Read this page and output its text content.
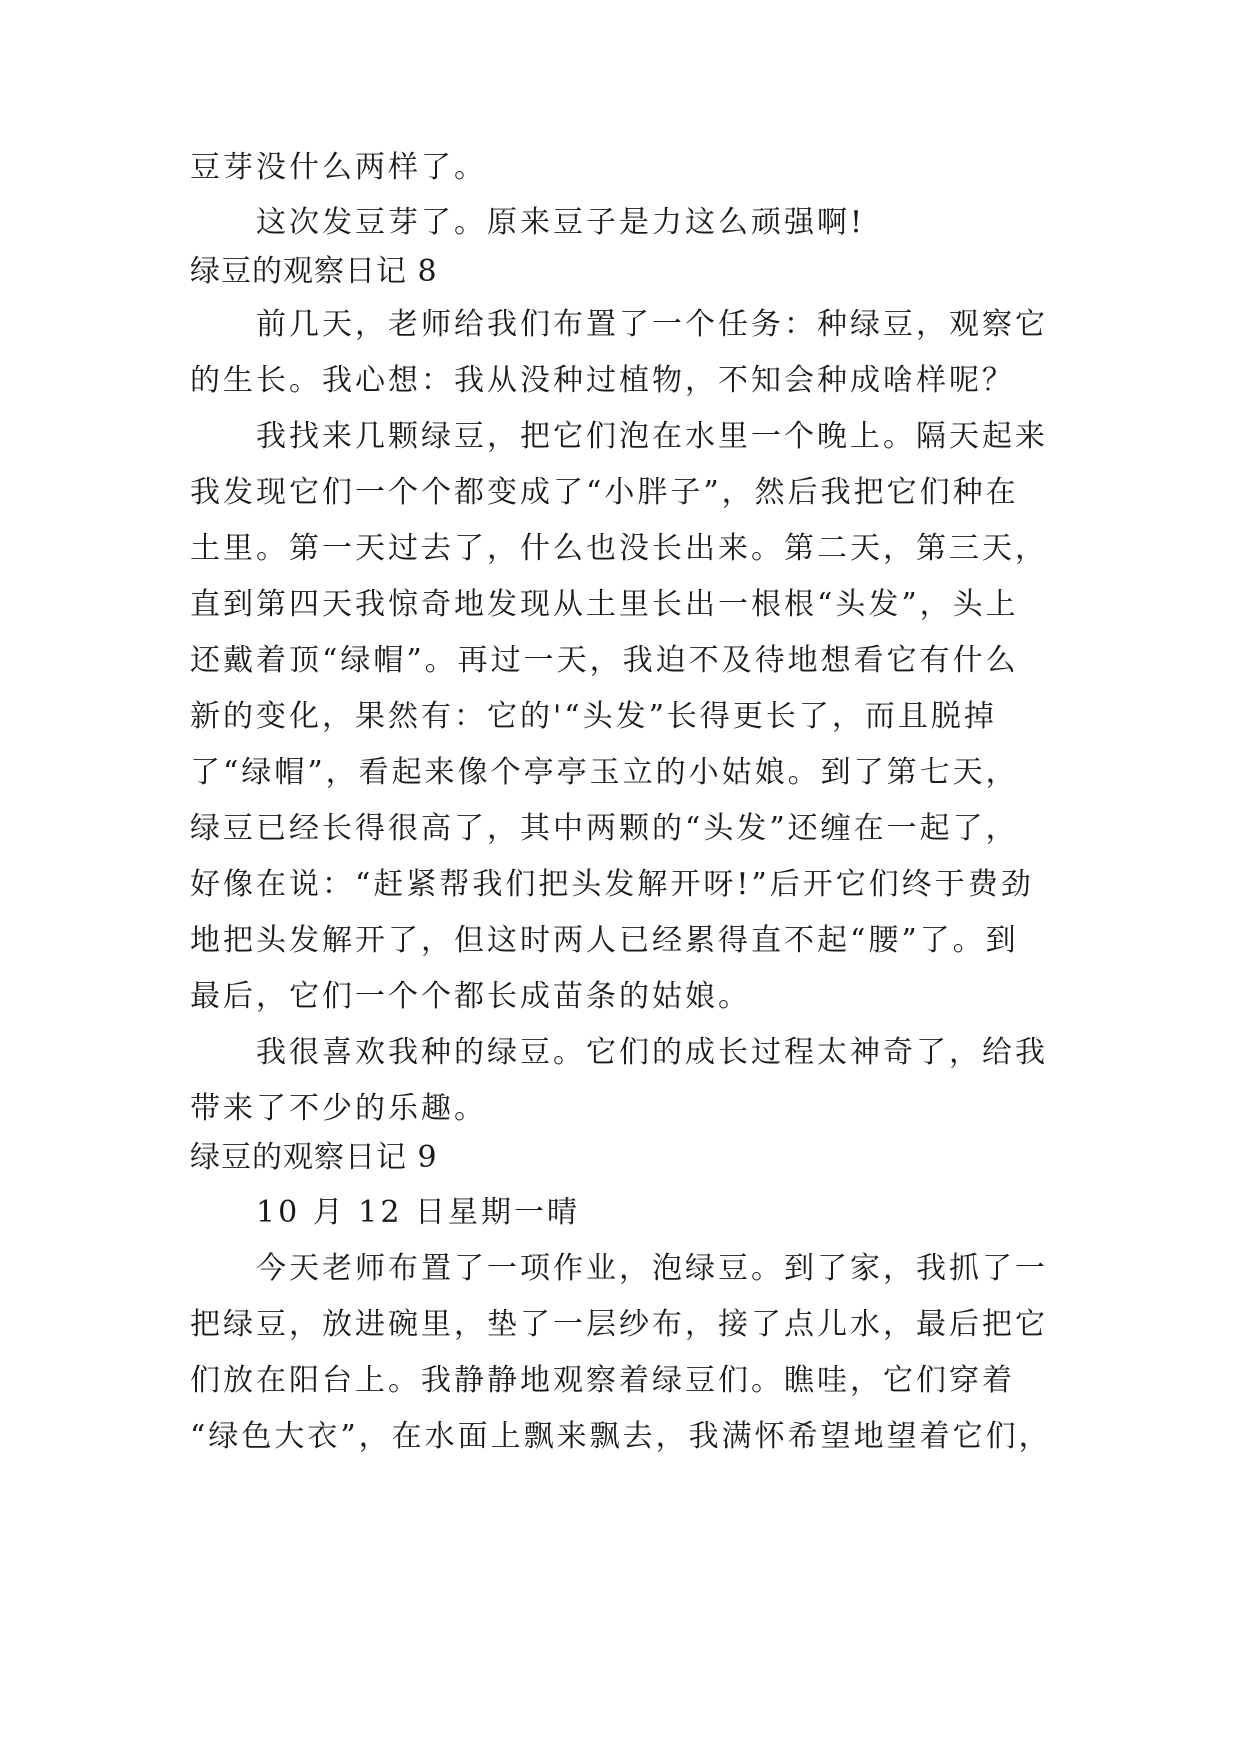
豆芽没什么两样了。
这次发豆芽了。原来豆子是力这么顽强啊!
绿豆的观察日记 8
前几天，老师给我们布置了一个任务：种绿豆，观察它
的生长。我心想：我从没种过植物，不知会种成啥样呢？
我找来几颗绿豆，把它们泡在水里一个晚上。隔天起来
我发现它们一个个都变成了“小胖子”，然后我把它们种在
土里。第一天过去了，什么也没长出来。第二天，第三天，
直到第四天我惊奇地发现从土里长出一根根“头发”，头上
还戴着顶“绿帽”。再过一天，我迫不及待地想看它有什么
新的变化，果然有：它的'“头发”长得更长了，而且脱掉
了“绿帽”，看起来像个亭亭玉立的小姑娘。到了第七天，
绿豆已经长得很高了，其中两颗的“头发”还缠在一起了，
好像在说：“赶紧帮我们把头发解开呀!”后开它们终于费劲
地把头发解开了，但这时两人已经累得直不起“腰”了。到
最后，它们一个个都长成苗条的姑娘。
我很喜欢我种的绿豆。它们的成长过程太神奇了，给我
带来了不少的乐趣。
绿豆的观察日记 9
10 月 12 日星期一晴
今天老师布置了一项作业，泡绿豆。到了家，我抓了一
把绿豆，放进碗里，垫了一层纱布，接了点儿水，最后把它
们放在阳台上。我静静地观察着绿豆们。瞧哇，它们穿着
“绿色大衣”，在水面上飘来飘去，我满怀希望地望着它们，
